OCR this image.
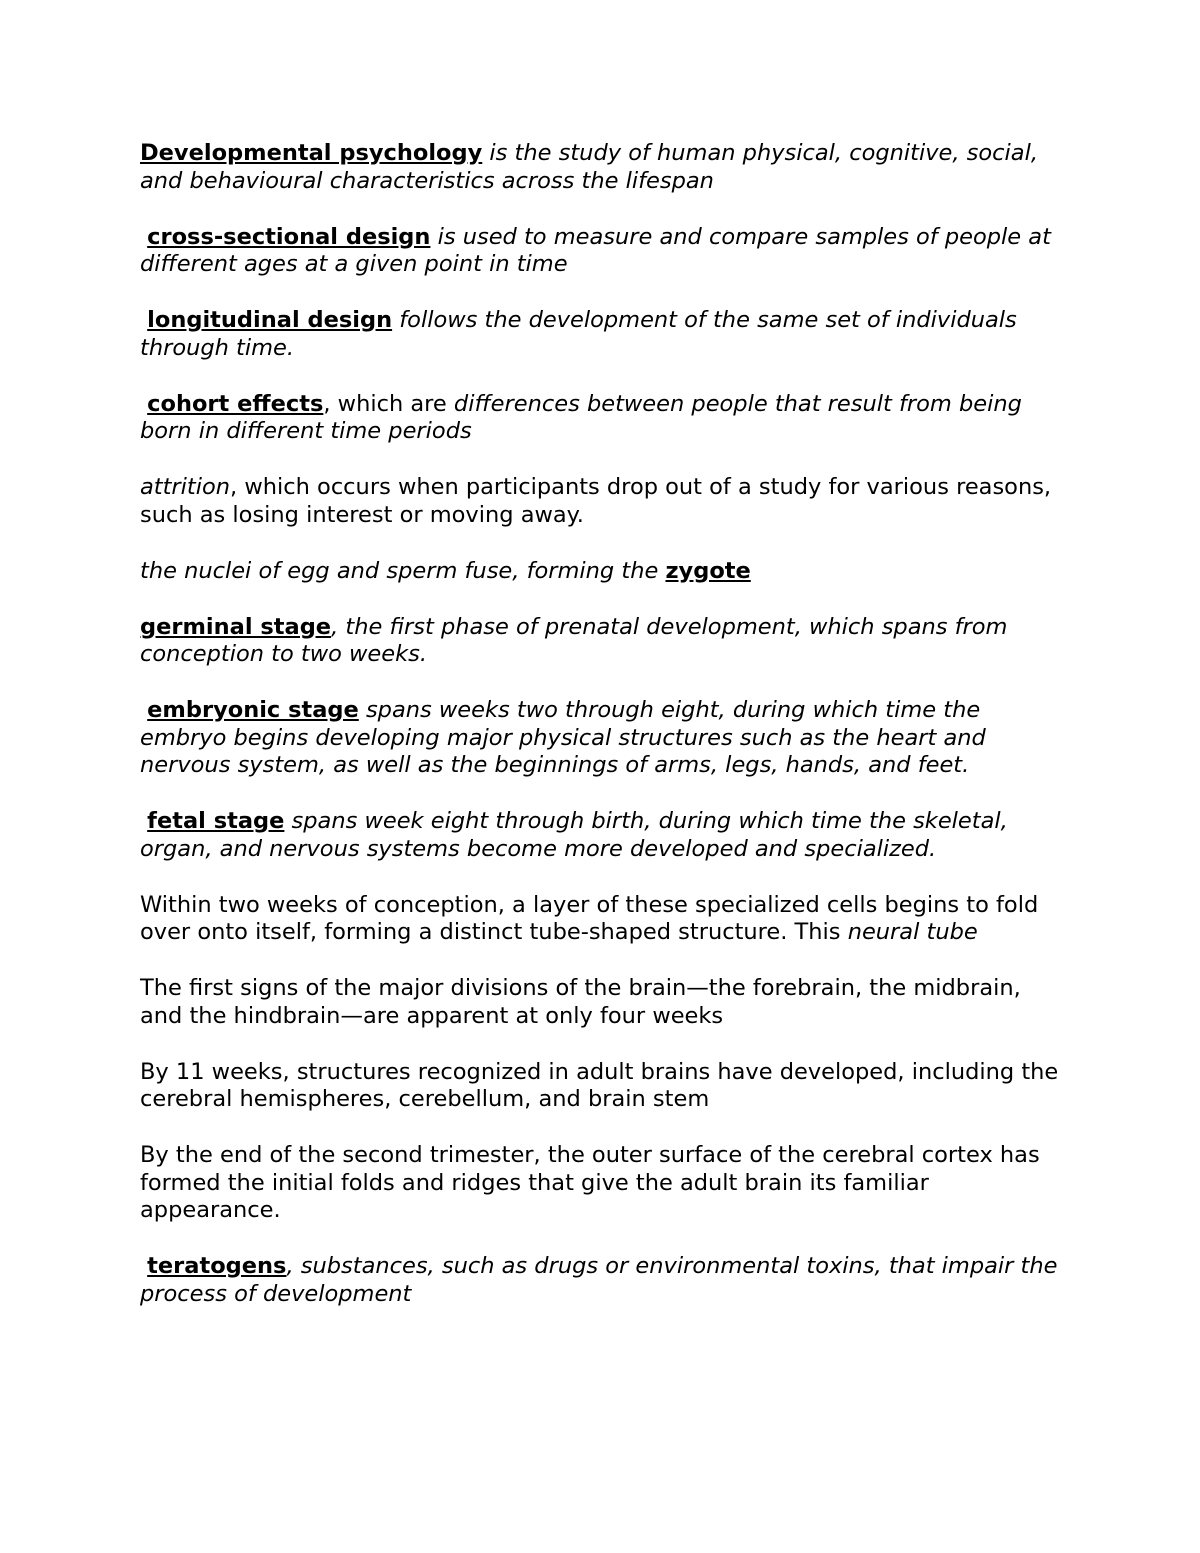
Developmental psychology is the study of human physical, cognitive, social, and behavioural characteristics across the lifespan

cross-sectional design is used to measure and compare samples of people at different ages at a given point in time

longitudinal design follows the development of the same set of individuals through time.

cohort effects, which are differences between people that result from being born in different time periods

attrition, which occurs when participants drop out of a study for various reasons, such as losing interest or moving away.

the nuclei of egg and sperm fuse, forming the zygote

germinal stage, the first phase of prenatal development, which spans from conception to two weeks.

embryonic stage spans weeks two through eight, during which time the embryo begins developing major physical structures such as the heart and nervous system, as well as the beginnings of arms, legs, hands, and feet.

fetal stage spans week eight through birth, during which time the skeletal, organ, and nervous systems become more developed and specialized.

Within two weeks of conception, a layer of these specialized cells begins to fold over onto itself, forming a distinct tube-shaped structure. This neural tube

The first signs of the major divisions of the brain—the forebrain, the midbrain, and the hindbrain—are apparent at only four weeks

By 11 weeks, structures recognized in adult brains have developed, including the cerebral hemispheres, cerebellum, and brain stem

By the end of the second trimester, the outer surface of the cerebral cortex has formed the initial folds and ridges that give the adult brain its familiar appearance.

teratogens, substances, such as drugs or environmental toxins, that impair the process of development
